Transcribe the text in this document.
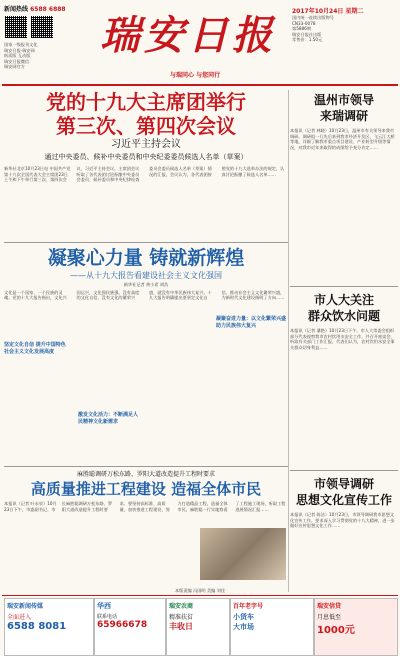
新闻热线 6588 6888
国家一级报刊文化
瑞安日报·瑞安网
纸质版 互动版
瑞安日报微信
瑞安网官方
瑞安日报
与瑞同心 与您同行
2017年10月24日 星期二
国内统一连续出版物号
CN33-0078
第5886期
瑞安日报社出版
零售价：1.50元
党的十九大主席团举行
第三次、第四次会议
习近平主持会议
通过中央委员、候补中央委员和中央纪委委员候选人名单（草案）
新华社北京10月23日电 中国共产党第十九次全国代表大会主席团23日上午和下午举行第三次、第四次会议，习近平主持会议。主席团会议听取了各代表团讨论酝酿中央委员会委员、候补委员和中央纪律检查委员会委员候选人名单（草案）情况的汇报，会议认为，各代表团按照党的十九大选举办法的规定，认真讨论酝酿了候选人名单……
凝聚心力量 铸就新辉煌
——从十九大报告看建设社会主义文化强国
新华社记者 黄小希 胡浩
文化是一个国家、一个民族的灵魂。党的十九大报告指出，文化兴国运兴，文化强民族强。没有高度的文化自信，没有文化的繁荣兴盛，就没有中华民族伟大复兴。十九大报告明确提出要坚定文化自信，推动社会主义文化繁荣兴盛，为新时代文化建设指明了方向……
坚定文化自信 提升中国特色社会主义文化发展高度
凝聚奋进力量：以文化繁荣兴盛助力民族伟大复兴
激发文化活力：不断满足人民精神文化新需求
麻胜聪调研万松东路、罗阳大道改造提升工程时要求
高质量推进工程建设 造福全体市民
本报讯（记者 叶永泉）10月23日下午，市委副书记、市长麻胜聪调研万松东路、罗阳大道改造提升工程时要求，要坚持高标准、高质量，加快推进工程建设，努力打造精品工程，造福全体市民。麻胜聪一行实地察看了工程施工现场，听取工程进展情况汇报……
温州市领导
来瑞调研
本报讯（记者 林晓）10月23日，温州市有关领导来我市调研。调研组一行先后来到我市经济开发区、飞云江大桥等地，详细了解我市重点项目建设、产业转型升级等情况，对我市近年来取得的成绩给予充分肯定……
市人大关注
群众饮水问题
本报讯（记者 潘艳）10月23日下午，市人大常委会组织部分代表视察我市农村饮用水安全工作，并召开座谈会，听取有关部门工作汇报。代表们认为，农村饮用水安全事关群众切身利益……
市领导调研
思想文化宣传工作
本报讯（记者 陈洁）10月23日，市领导调研我市思想文化宣传工作，要求深入学习贯彻党的十九大精神，进一步做好宣传思想文化工作……
本版责编 冯国明 美编 刘佳
瑞安新闻传媒
全面进入
6588 8081
华西
联系电话
65966678
瑞安农商
精准扶贫
丰收日
百年老字号
小货车
大市场
瑞安信贷
月息低至
1000元
